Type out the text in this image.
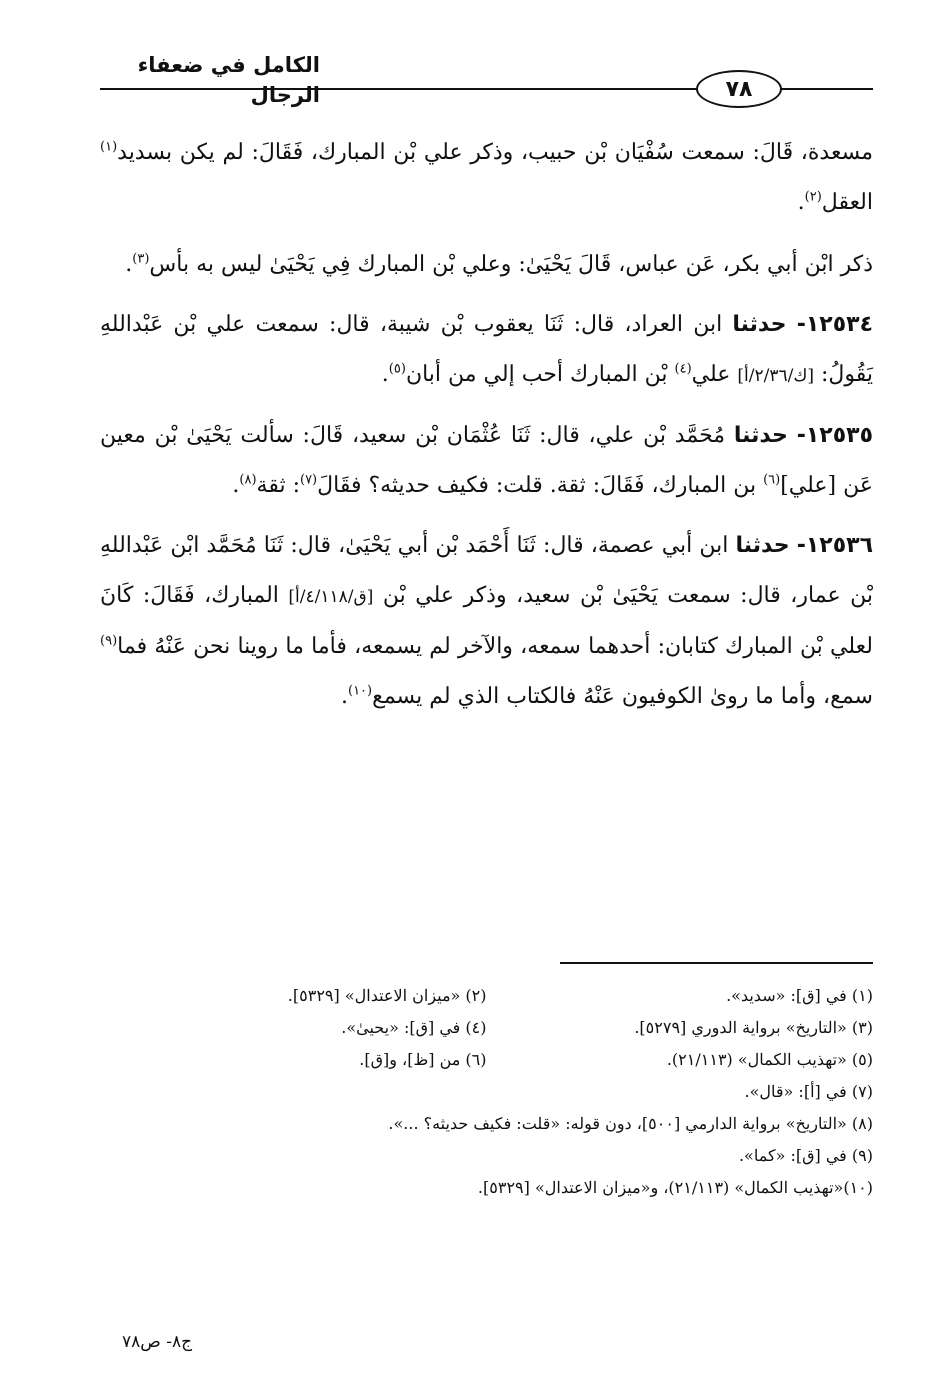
الكامل في ضعفاء الرجال	٧٨

مسعدة، قَالَ: سمعت سُفْيَان بْن حبيب، وذكر علي بْن المبارك، فَقَالَ: لم يكن بسديد$^{(١)}$ العقل$^{(٢)}$.

ذكر ابْن أبي بكر، عَن عباس، قَالَ يَحْيَىٰ: وعلي بْن المبارك فِي يَحْيَىٰ ليس به بأس$^{(٣)}$.

١٢٥٣٤- حدثنا ابن العراد، قال: ثَنَا يعقوب بْن شيبة، قال: سمعت علي بْن عَبْداللهِ يَقُولُ: [ك/٢/٣٦/أ] علي$^{(٤)}$ بْن المبارك أحب إلي من أبان$^{(٥)}$.

١٢٥٣٥- حدثنا مُحَمَّد بْن علي، قال: ثَنَا عُثْمَان بْن سعيد، قَالَ: سألت يَحْيَىٰ بْن معين عَن [علي]$^{(٦)}$ بن المبارك، فَقَالَ: ثقة. قلت: فكيف حديثه؟ فقَالَ$^{(٧)}$: ثقة$^{(٨)}$.

١٢٥٣٦- حدثنا ابن أبي عصمة، قال: ثَنَا أَحْمَد بْن أبي يَحْيَىٰ، قال: ثَنَا مُحَمَّد ابْن عَبْداللهِ بْن عمار، قال: سمعت يَحْيَىٰ بْن سعيد، وذكر علي بْن [ق/٤/١١٨/أ] المبارك، فَقَالَ: كَانَ لعلي بْن المبارك كتابان: أحدهما سمعه، والآخر لم يسمعه، فأما ما روينا نحن عَنْهُ فما$^{(٩)}$ سمع، وأما ما روىٰ الكوفيون عَنْهُ فالكتاب الذي لم يسمع$^{(١٠)}$.

(١) في [ق]: «سديد».
(٢) «ميزان الاعتدال» [٥٣٢٩].
(٣) «التاريخ» برواية الدوري [٥٢٧٩].
(٤) في [ق]: «يحيىٰ».
(٥) «تهذيب الكمال» (٢١/١١٣).
(٦) من [ظ]، و[ق].
(٧) في [أ]: «قال».
(٨) «التاريخ» برواية الدارمي [٥٠٠]، دون قوله: «قلت: فكيف حديثه؟ ...».
(٩) في [ق]: «كما».
(١٠)«تهذيب الكمال» (٢١/١١٣)، و«ميزان الاعتدال» [٥٣٢٩].
ج٨- ص٧٨
